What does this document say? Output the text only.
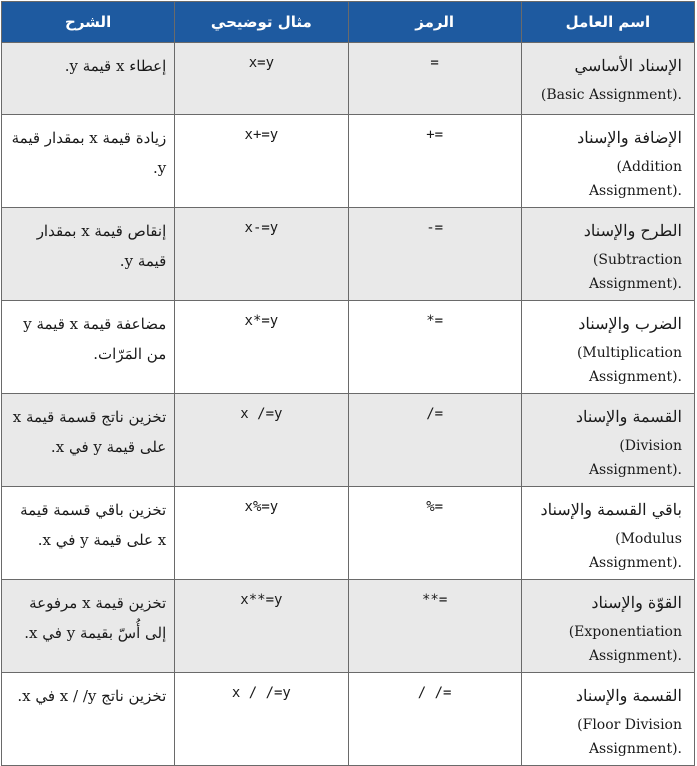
اسم العامل	الرمز	مثال توضيحي	الشرح
الإسناد الأساسي
(Basic Assignment).	=	x=y	إعطاء x قيمة y.
الإضافة والإسناد
(Addition Assignment).	+=	x+=y	زيادة قيمة x بمقدار قيمة y.
الطرح والإسناد
(Subtraction Assignment).	-=	x-=y	إنقاص قيمة x بمقدار قيمة y.
الضرب والإسناد
(Multiplication Assignment).	*=	x*=y	مضاعفة قيمة x قيمة y من المَرّات.
القسمة والإسناد
(Division Assignment).	/=	x /=y	تخزين ناتج قسمة قيمة x على قيمة y في x.
باقي القسمة والإسناد
(Modulus Assignment).	%=	x%=y	تخزين باقي قسمة قيمة x على قيمة y في x.
القوّة والإسناد
(Exponentiation Assignment).	**=	x**=y	تخزين قيمة x مرفوعة إلى أُسّ بقيمة y في x.
القسمة والإسناد
(Floor Division Assignment).	/ /=	x / /=y	تخزين ناتج x / /y في x.
